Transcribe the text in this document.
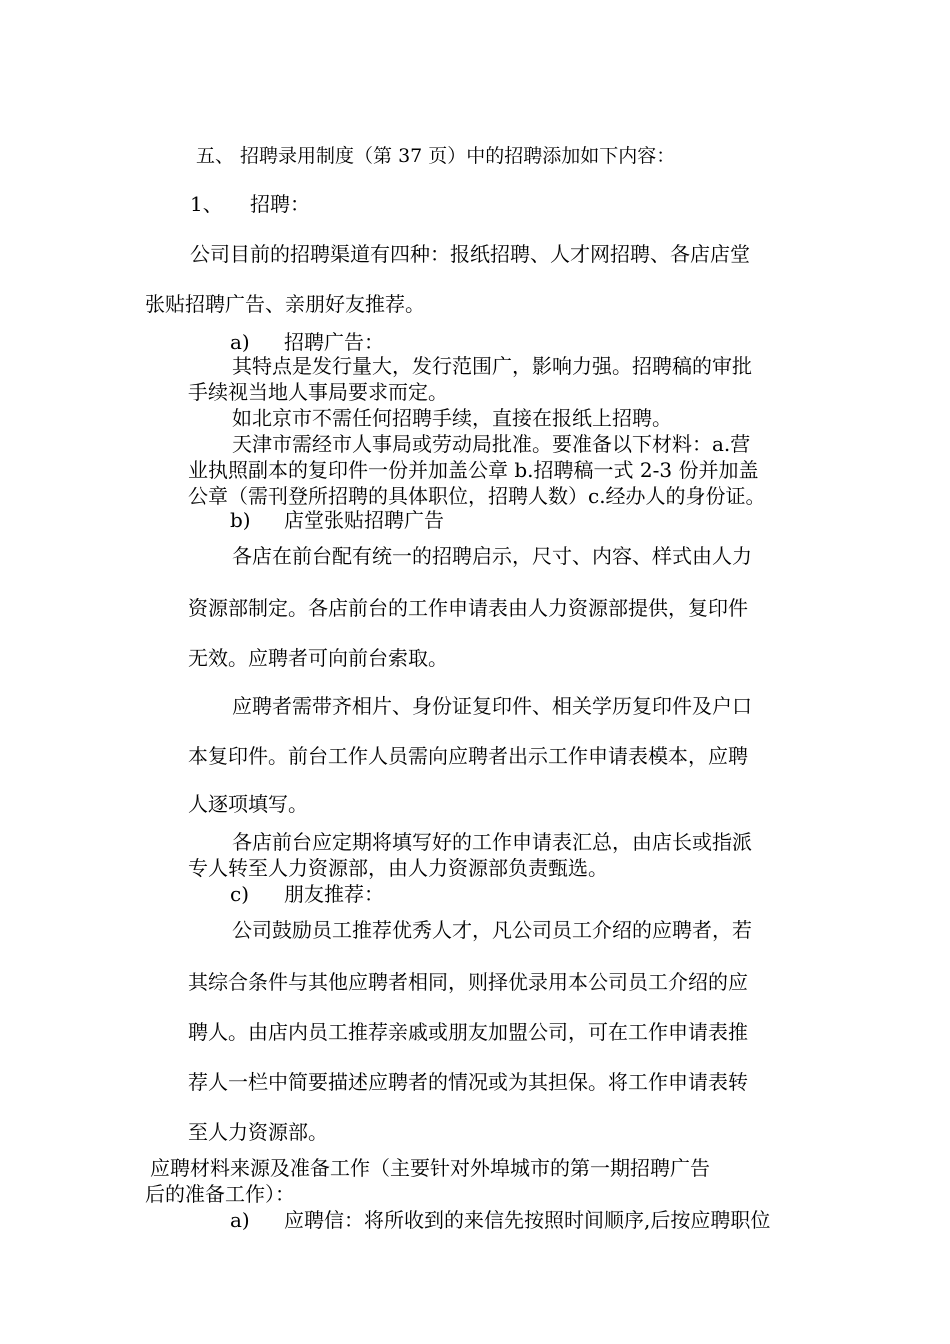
五、 招聘录用制度（第 37 页）中的招聘添加如下内容：
1、 招聘：
公司目前的招聘渠道有四种：报纸招聘、人才网招聘、各店店堂
张贴招聘广告、亲朋好友推荐。
a) 招聘广告：
其特点是发行量大，发行范围广，影响力强。招聘稿的审批
手续视当地人事局要求而定。
如北京市不需任何招聘手续，直接在报纸上招聘。
天津市需经市人事局或劳动局批准。要准备以下材料：a.营
业执照副本的复印件一份并加盖公章 b.招聘稿一式 2-3 份并加盖
公章（需刊登所招聘的具体职位，招聘人数）c.经办人的身份证。
b) 店堂张贴招聘广告
各店在前台配有统一的招聘启示，尺寸、内容、样式由人力
资源部制定。各店前台的工作申请表由人力资源部提供，复印件
无效。应聘者可向前台索取。
应聘者需带齐相片、身份证复印件、相关学历复印件及户口
本复印件。前台工作人员需向应聘者出示工作申请表模本，应聘
人逐项填写。
各店前台应定期将填写好的工作申请表汇总，由店长或指派
专人转至人力资源部，由人力资源部负责甄选。
c) 朋友推荐：
公司鼓励员工推荐优秀人才，凡公司员工介绍的应聘者，若
其综合条件与其他应聘者相同，则择优录用本公司员工介绍的应
聘人。由店内员工推荐亲戚或朋友加盟公司，可在工作申请表推
荐人一栏中简要描述应聘者的情况或为其担保。将工作申请表转
至人力资源部。
应聘材料来源及准备工作（主要针对外埠城市的第一期招聘广告
后的准备工作）：
a) 应聘信：将所收到的来信先按照时间顺序,后按应聘职位
